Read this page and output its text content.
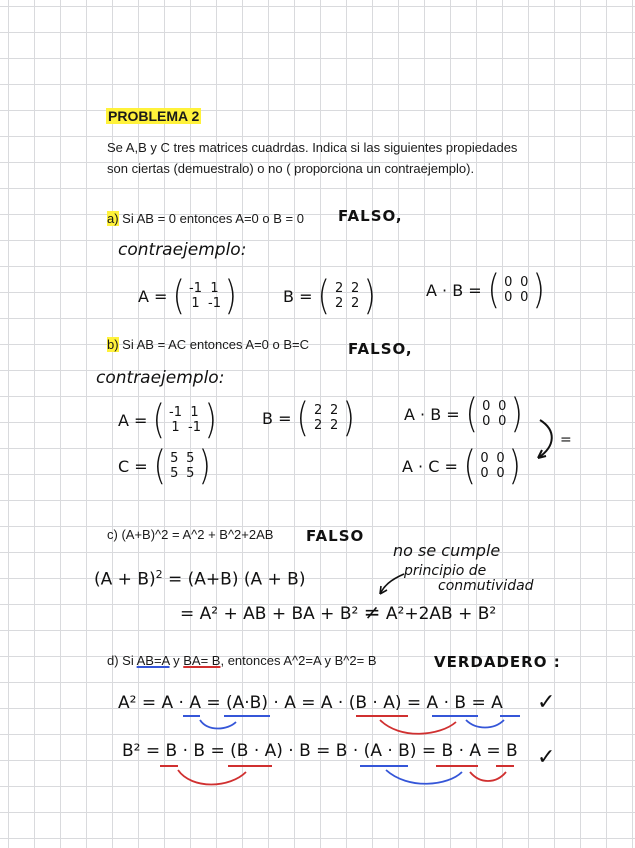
PROBLEMA 2
Se A,B y C tres matrices cuadrdas. Indica si las siguientes propiedades son ciertas (demuestralo) o no ( proporciona un contraejemplo).
a) Si AB = 0 entonces A=0 o B = 0 FALSO,
contraejemplo:
A = ( -1 1
1 -1 )	B = ( 2 2
2 2 )	A · B = ( 0 0
0 0 )
b) Si AB = AC entonces A=0 o B=C	FALSO,
contraejemplo:
A = ( -1 1
1 -1 )	B = ( 2 2
2 2 )	A · B = ( 0 0
0 0 )
C = ( 5 5
5 5 )	A · C = ( 0 0
0 0 )
=
c) (A+B)^2 = A^2 + B^2+2AB FALSO
no se cumple
principio de
conmutividad
$(A + B)^2 = (A+B)$ (A + B)
= A² + AB + BA + B² ≠ A²+2AB + B²
d) Si AB=A y BA= B, entonces A^2=A y B^2= B	VERDADERO :
A² = A · A = (A·B) · A = A · (B · A) = A · B = A ✓
B² = B · B = (B · A) · B = B · (A · B) = B · A = B ✓
